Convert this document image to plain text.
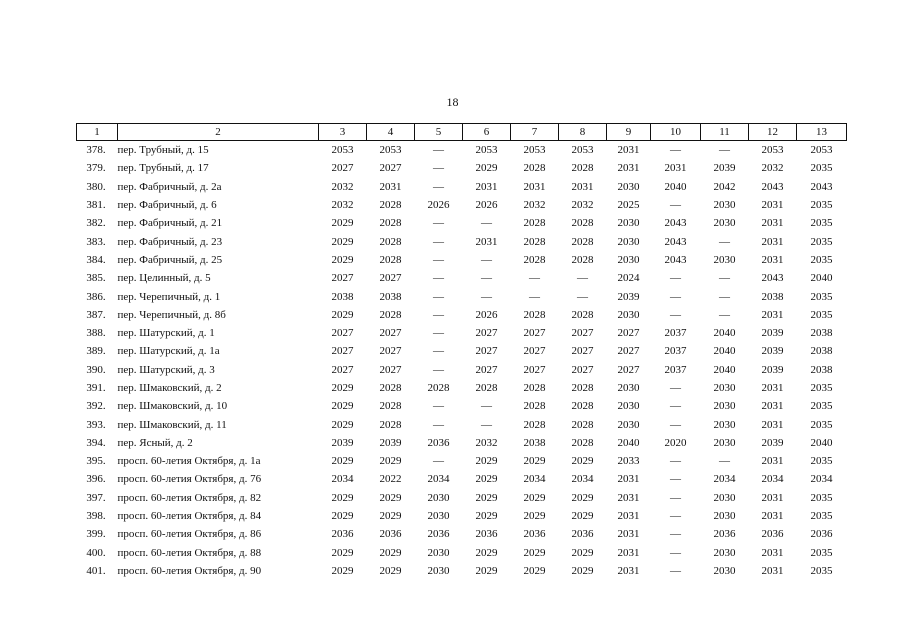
18
1	2	3	4	5	6	7	8	9	10	11	12	13
378.	пер. Трубный, д. 15	2053	2053	—	2053	2053	2053	2031	—	—	2053	2053
379.	пер. Трубный, д. 17	2027	2027	—	2029	2028	2028	2031	2031	2039	2032	2035
380.	пер. Фабричный, д. 2а	2032	2031	—	2031	2031	2031	2030	2040	2042	2043	2043
381.	пер. Фабричный, д. 6	2032	2028	2026	2026	2032	2032	2025	—	2030	2031	2035
382.	пер. Фабричный, д. 21	2029	2028	—	—	2028	2028	2030	2043	2030	2031	2035
383.	пер. Фабричный, д. 23	2029	2028	—	2031	2028	2028	2030	2043	—	2031	2035
384.	пер. Фабричный, д. 25	2029	2028	—	—	2028	2028	2030	2043	2030	2031	2035
385.	пер. Целинный, д. 5	2027	2027	—	—	—	—	2024	—	—	2043	2040
386.	пер. Черепичный, д. 1	2038	2038	—	—	—	—	2039	—	—	2038	2035
387.	пер. Черепичный, д. 8б	2029	2028	—	2026	2028	2028	2030	—	—	2031	2035
388.	пер. Шатурский, д. 1	2027	2027	—	2027	2027	2027	2027	2037	2040	2039	2038
389.	пер. Шатурский, д. 1а	2027	2027	—	2027	2027	2027	2027	2037	2040	2039	2038
390.	пер. Шатурский, д. 3	2027	2027	—	2027	2027	2027	2027	2037	2040	2039	2038
391.	пер. Шмаковский, д. 2	2029	2028	2028	2028	2028	2028	2030	—	2030	2031	2035
392.	пер. Шмаковский, д. 10	2029	2028	—	—	2028	2028	2030	—	2030	2031	2035
393.	пер. Шмаковский, д. 11	2029	2028	—	—	2028	2028	2030	—	2030	2031	2035
394.	пер. Ясный, д. 2	2039	2039	2036	2032	2038	2028	2040	2020	2030	2039	2040
395.	просп. 60-летия Октября, д. 1а	2029	2029	—	2029	2029	2029	2033	—	—	2031	2035
396.	просп. 60-летия Октября, д. 76	2034	2022	2034	2029	2034	2034	2031	—	2034	2034	2034
397.	просп. 60-летия Октября, д. 82	2029	2029	2030	2029	2029	2029	2031	—	2030	2031	2035
398.	просп. 60-летия Октября, д. 84	2029	2029	2030	2029	2029	2029	2031	—	2030	2031	2035
399.	просп. 60-летия Октября, д. 86	2036	2036	2036	2036	2036	2036	2031	—	2036	2036	2036
400.	просп. 60-летия Октября, д. 88	2029	2029	2030	2029	2029	2029	2031	—	2030	2031	2035
401.	просп. 60-летия Октября, д. 90	2029	2029	2030	2029	2029	2029	2031	—	2030	2031	2035
